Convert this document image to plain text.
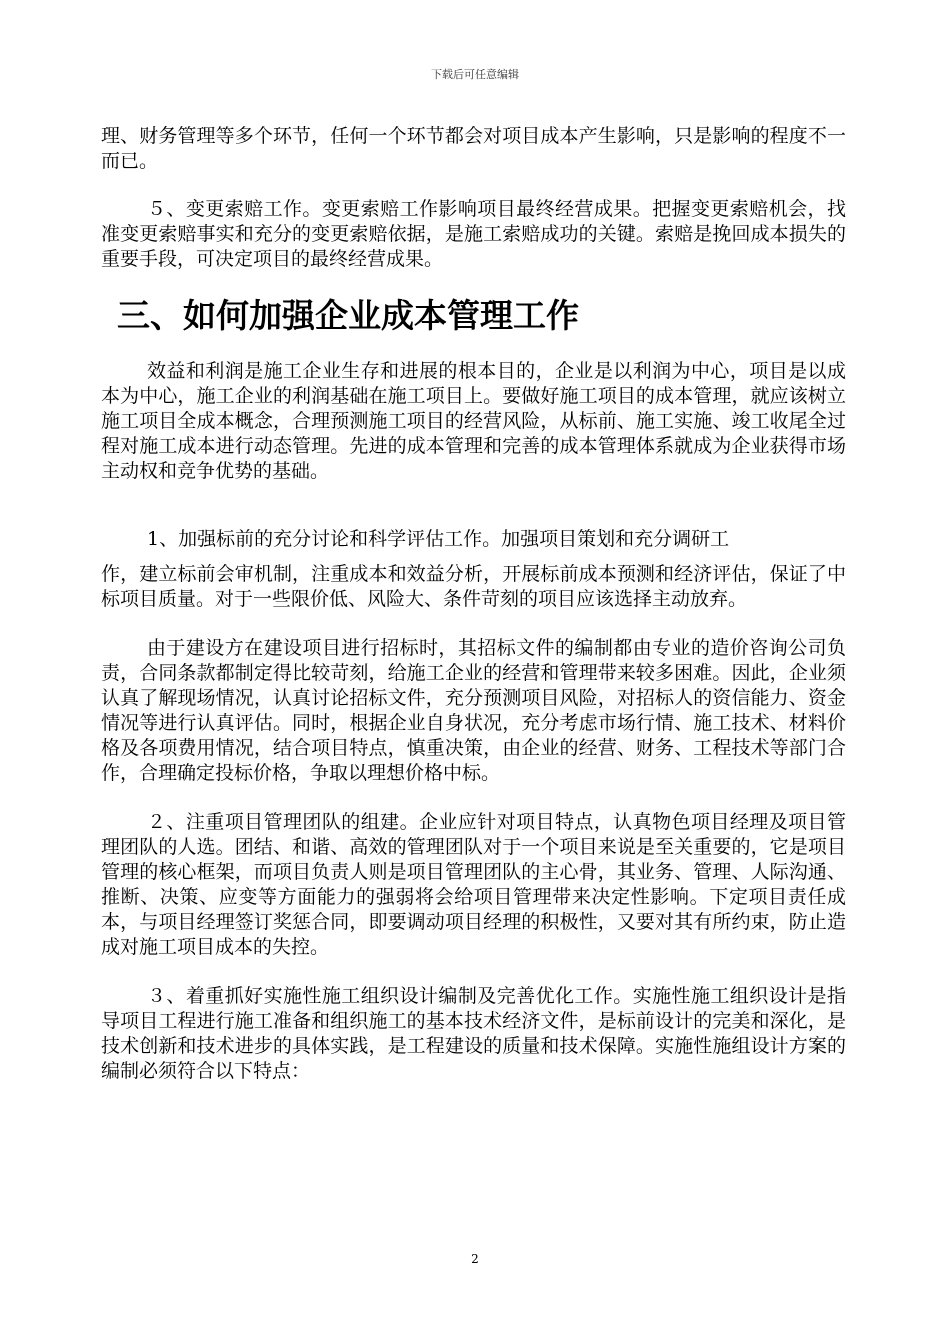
下载后可任意编辑

理、财务管理等多个环节，任何一个环节都会对项目成本产生影响，只是影响的程度不一而已。

５、变更索赔工作。变更索赔工作影响项目最终经营成果。把握变更索赔机会，找准变更索赔事实和充分的变更索赔依据，是施工索赔成功的关键。索赔是挽回成本损失的重要手段，可决定项目的最终经营成果。

三、如何加强企业成本管理工作

效益和利润是施工企业生存和进展的根本目的，企业是以利润为中心，项目是以成本为中心，施工企业的利润基础在施工项目上。要做好施工项目的成本管理，就应该树立施工项目全成本概念，合理预测施工项目的经营风险，从标前、施工实施、竣工收尾全过程对施工成本进行动态管理。先进的成本管理和完善的成本管理体系就成为企业获得市场主动权和竞争优势的基础。

1、加强标前的充分讨论和科学评估工作。加强项目策划和充分调研工

作，建立标前会审机制，注重成本和效益分析，开展标前成本预测和经济评估，保证了中标项目质量。对于一些限价低、风险大、条件苛刻的项目应该选择主动放弃。

由于建设方在建设项目进行招标时，其招标文件的编制都由专业的造价咨询公司负责，合同条款都制定得比较苛刻，给施工企业的经营和管理带来较多困难。因此，企业须认真了解现场情况，认真讨论招标文件，充分预测项目风险，对招标人的资信能力、资金情况等进行认真评估。同时，根据企业自身状况，充分考虑市场行情、施工技术、材料价格及各项费用情况，结合项目特点，慎重决策，由企业的经营、财务、工程技术等部门合作，合理确定投标价格，争取以理想价格中标。

２、注重项目管理团队的组建。企业应针对项目特点，认真物色项目经理及项目管理团队的人选。团结、和谐、高效的管理团队对于一个项目来说是至关重要的，它是项目管理的核心框架，而项目负责人则是项目管理团队的主心骨，其业务、管理、人际沟通、推断、决策、应变等方面能力的强弱将会给项目管理带来决定性影响。下定项目责任成本，与项目经理签订奖惩合同，即要调动项目经理的积极性，又要对其有所约束，防止造成对施工项目成本的失控。

３、着重抓好实施性施工组织设计编制及完善优化工作。实施性施工组织设计是指导项目工程进行施工准备和组织施工的基本技术经济文件，是标前设计的完美和深化，是技术创新和技术进步的具体实践，是工程建设的质量和技术保障。实施性施组设计方案的编制必须符合以下特点：

2
